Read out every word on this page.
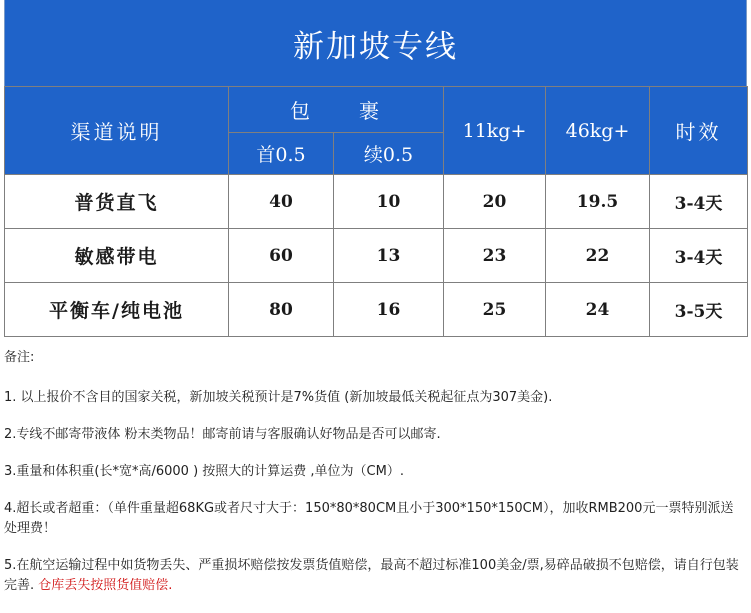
新加坡专线
渠道说明	包　　裹		11kg+	46kg+	时效
	首0.5	续0.5			
普货直飞	40	10	20	19.5	3-4天
敏感带电	60	13	23	22	3-4天
平衡车/纯电池	80	16	25	24	3-5天

备注:

1. 以上报价不含目的国家关税，新加坡关税预计是7%货值 (新加坡最低关税起征点为307美金).

2.专线不邮寄带液体 粉末类物品！邮寄前请与客服确认好物品是否可以邮寄.

3.重量和体积重(长*宽*高/6000 ) 按照大的计算运费 ,单位为（CM）.

4.超长或者超重：（单件重量超68KG或者尺寸大于：150*80*80CM且小于300*150*150CM），加收RMB200元一票特别派送处理费！

5.在航空运输过程中如货物丢失、严重损坏赔偿按发票货值赔偿，最高不超过标准100美金/票,易碎品破损不包赔偿，请自行包装完善. 仓库丢失按照货值赔偿.
